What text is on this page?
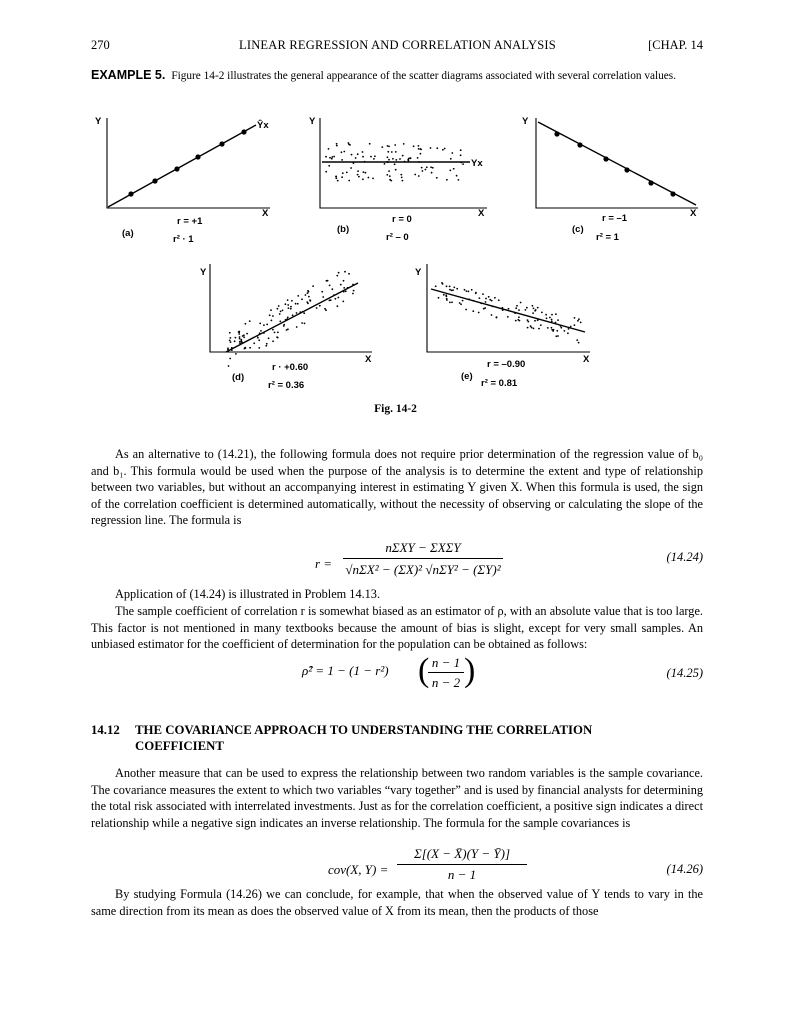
270	LINEAR REGRESSION AND CORRELATION ANALYSIS	[CHAP. 14
EXAMPLE 5. Figure 14-2 illustrates the general appearance of the scatter diagrams associated with several correlation values.
Y
X
Ŷx
(a)
r = +1
r² · 1
Y
X
Yx
(b)
r = 0
r² – 0
Y
X
(c)
r = –1
r² = 1
Y
X
(d)
r · +0.60
r² = 0.36
Y
X
(e)
r = –0.90
r² = 0.81
Fig. 14-2
As an alternative to (14.21), the following formula does not require prior determination of the regression value of b₀ and b₁. This formula would be used when the purpose of the analysis is to determine the extent and type of relationship between two variables, but without an accompanying interest in estimating Y given X. When this formula is used, the sign of the correlation coefficient is determined automatically, without the necessity of observing or calculating the slope of the regression line. The formula is
r =
nΣXY − ΣXΣY
√nΣX² − (ΣX)² √nΣY² − (ΣY)²
(14.24)
Application of (14.24) is illustrated in Problem 14.13.
The sample coefficient of correlation r is somewhat biased as an estimator of ρ, with an absolute value that is too large. This factor is not mentioned in many textbooks because the amount of bias is slight, except for very small samples. An unbiased estimator for the coefficient of determination for the population can be obtained as follows:
ρ̂² = 1 − (1 − r²) ( n − 1
n − 2 )	(14.25)
14.12 THE COVARIANCE APPROACH TO UNDERSTANDING THE CORRELATION COEFFICIENT
Another measure that can be used to express the relationship between two random variables is the sample covariance. The covariance measures the extent to which two variables “vary together” and is used by financial analysts for determining the total risk associated with interrelated investments. Just as for the correlation coefficient, a positive sign indicates a direct relationship while a negative sign indicates an inverse relationship. The formula for the sample covariances is
cov(X, Y) =
Σ[(X − X̄)(Y − Ȳ)]
n − 1	(14.26)
By studying Formula (14.26) we can conclude, for example, that when the observed value of Y tends to vary in the same direction from its mean as does the observed value of X from its mean, then the products of those
